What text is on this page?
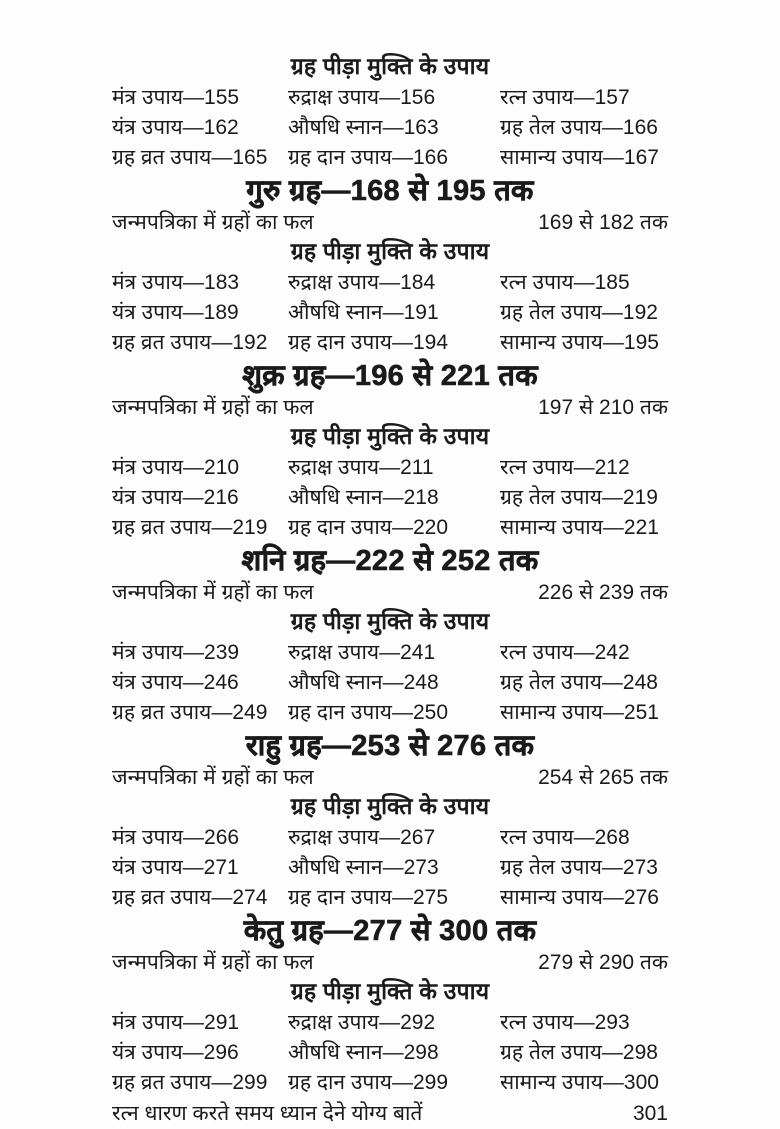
ग्रह पीड़ा मुक्ति के उपाय
मंत्र उपाय—155	रुद्राक्ष उपाय—156	रत्न उपाय—157
यंत्र उपाय—162	औषधि स्नान—163	ग्रह तेल उपाय—166
ग्रह व्रत उपाय—165 ग्रह दान उपाय—166	सामान्य उपाय—167
गुरु ग्रह—168 से 195 तक
जन्मपत्रिका में ग्रहों का फल	169 से 182 तक
ग्रह पीड़ा मुक्ति के उपाय
मंत्र उपाय—183	रुद्राक्ष उपाय—184	रत्न उपाय—185
यंत्र उपाय—189	औषधि स्नान—191	ग्रह तेल उपाय—192
ग्रह व्रत उपाय—192 ग्रह दान उपाय—194	सामान्य उपाय—195
शुक्र ग्रह—196 से 221 तक
जन्मपत्रिका में ग्रहों का फल	197 से 210 तक
ग्रह पीड़ा मुक्ति के उपाय
मंत्र उपाय—210	रुद्राक्ष उपाय—211	रत्न उपाय—212
यंत्र उपाय—216	औषधि स्नान—218	ग्रह तेल उपाय—219
ग्रह व्रत उपाय—219 ग्रह दान उपाय—220	सामान्य उपाय—221
शनि ग्रह—222 से 252 तक
जन्मपत्रिका में ग्रहों का फल	226 से 239 तक
ग्रह पीड़ा मुक्ति के उपाय
मंत्र उपाय—239	रुद्राक्ष उपाय—241	रत्न उपाय—242
यंत्र उपाय—246	औषधि स्नान—248	ग्रह तेल उपाय—248
ग्रह व्रत उपाय—249 ग्रह दान उपाय—250	सामान्य उपाय—251
राहु ग्रह—253 से 276 तक
जन्मपत्रिका में ग्रहों का फल	254 से 265 तक
ग्रह पीड़ा मुक्ति के उपाय
मंत्र उपाय—266	रुद्राक्ष उपाय—267	रत्न उपाय—268
यंत्र उपाय—271	औषधि स्नान—273	ग्रह तेल उपाय—273
ग्रह व्रत उपाय—274 ग्रह दान उपाय—275	सामान्य उपाय—276
केतु ग्रह—277 से 300 तक
जन्मपत्रिका में ग्रहों का फल	279 से 290 तक
ग्रह पीड़ा मुक्ति के उपाय
मंत्र उपाय—291	रुद्राक्ष उपाय—292	रत्न उपाय—293
यंत्र उपाय—296	औषधि स्नान—298	ग्रह तेल उपाय—298
ग्रह व्रत उपाय—299 ग्रह दान उपाय—299	सामान्य उपाय—300
रत्न धारण करते समय ध्यान देने योग्य बातें	301
